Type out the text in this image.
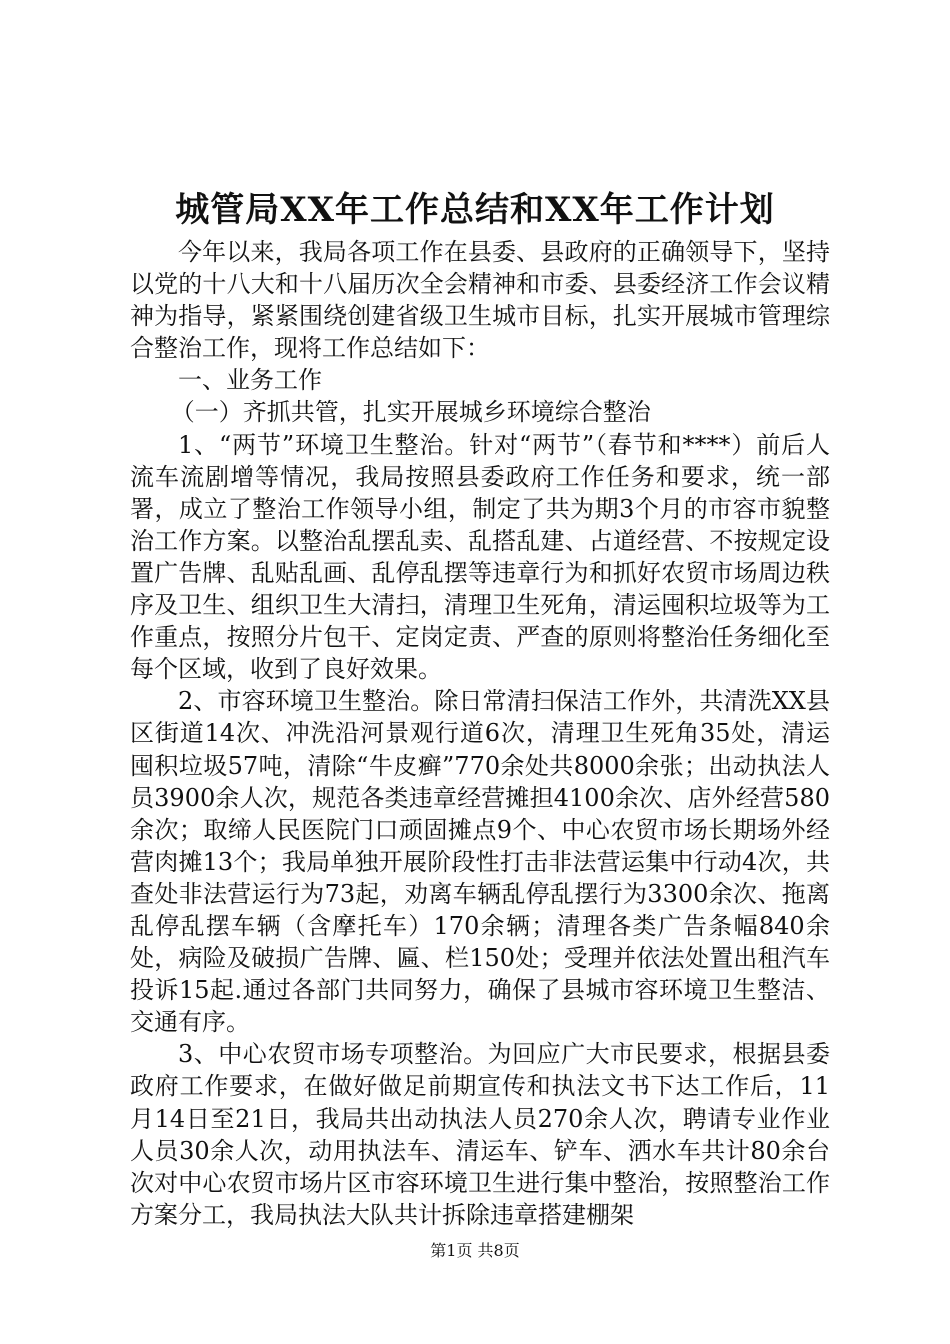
城管局XX年工作总结和XX年工作计划

今年以来，我局各项工作在县委、县政府的正确领导下，坚持以党的十八大和十八届历次全会精神和市委、县委经济工作会议精神为指导，紧紧围绕创建省级卫生城市目标，扎实开展城市管理综合整治工作，现将工作总结如下：

一、业务工作

（一）齐抓共管，扎实开展城乡环境综合整治

1、“两节”环境卫生整治。针对“两节”（春节和****）前后人流车流剧增等情况，我局按照县委政府工作任务和要求，统一部署，成立了整治工作领导小组，制定了共为期3个月的市容市貌整治工作方案。以整治乱摆乱卖、乱搭乱建、占道经营、不按规定设置广告牌、乱贴乱画、乱停乱摆等违章行为和抓好农贸市场周边秩序及卫生、组织卫生大清扫，清理卫生死角，清运囤积垃圾等为工作重点，按照分片包干、定岗定责、严查的原则将整治任务细化至每个区域，收到了良好效果。

2、市容环境卫生整治。除日常清扫保洁工作外，共清洗XX县区街道14次、冲洗沿河景观行道6次，清理卫生死角35处，清运囤积垃圾57吨，清除“牛皮癣”770余处共8000余张；出动执法人员3900余人次，规范各类违章经营摊担4100余次、店外经营580余次；取缔人民医院门口顽固摊点9个、中心农贸市场长期场外经营肉摊13个；我局单独开展阶段性打击非法营运集中行动4次，共查处非法营运行为73起，劝离车辆乱停乱摆行为3300余次、拖离乱停乱摆车辆（含摩托车）170余辆；清理各类广告条幅840余处，病险及破损广告牌、匾、栏150处；受理并依法处置出租汽车投诉15起.通过各部门共同努力，确保了县城市容环境卫生整洁、交通有序。

3、中心农贸市场专项整治。为回应广大市民要求，根据县委政府工作要求，在做好做足前期宣传和执法文书下达工作后，11月14日至21日，我局共出动执法人员270余人次，聘请专业作业人员30余人次，动用执法车、清运车、铲车、洒水车共计80余台次对中心农贸市场片区市容环境卫生进行集中整治，按照整治工作方案分工，我局执法大队共计拆除违章搭建棚架

第1页 共8页
